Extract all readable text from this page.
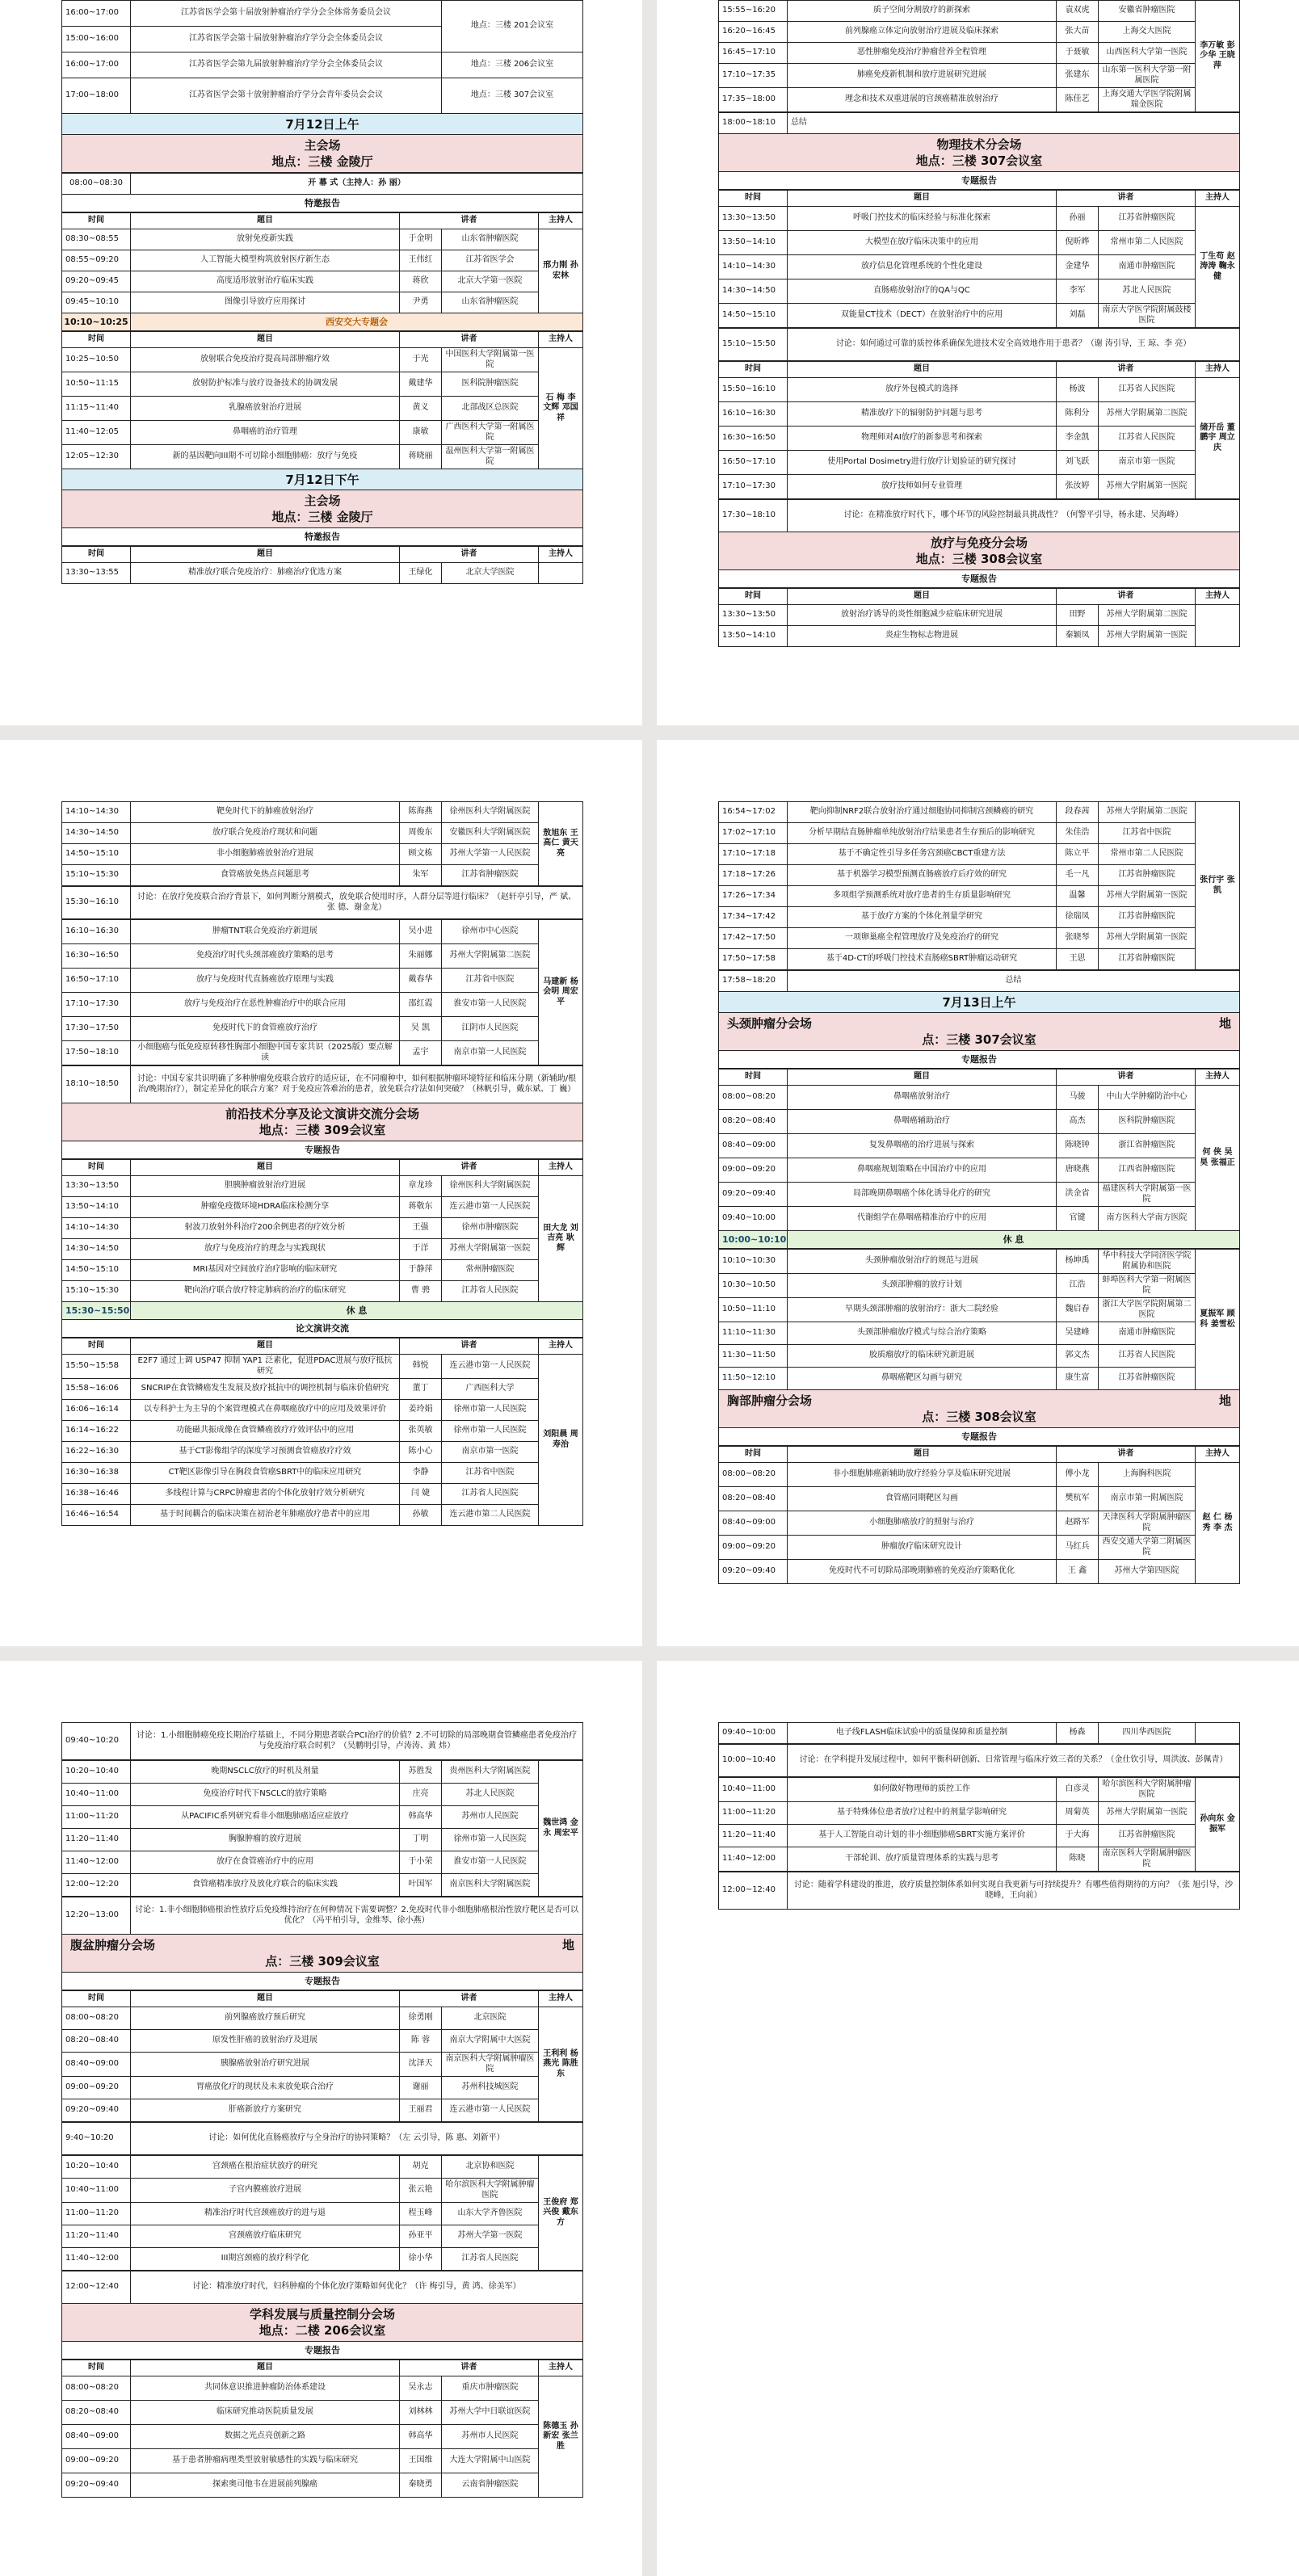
16:00~17:00	江苏省医学会第十届放射肿瘤治疗学分会全体常务委员会议	地点：三楼 201会议室
15:00~16:00	江苏省医学会第十届放射肿瘤治疗学分会全体委员会议	
16:00~17:00	江苏省医学会第九届放射肿瘤治疗学分会全体委员会议	地点：三楼 206会议室
17:00~18:00	江苏省医学会第十放射肿瘤治疗学分会青年委员会会议	地点：三楼 307会议室
7月12日上午
主会场
地点：三楼 金陵厅
08:00~08:30	开 幕 式（主持人：孙 丽）
特邀报告
时间	题目	讲者		主持人
08:30~08:55	放射免疫新实践	于金明	山东省肿瘤医院	邢力刚 孙宏林
08:55~09:20	人工智能大模型构筑放射医疗新生态	王伟红	江苏省医学会	
09:20~09:45	高度适形放射治疗临床实践	蒋欣	北京大学第一医院	
09:45~10:10	图像引导放疗应用探讨	尹勇	山东省肿瘤医院	
10:10~10:25	西安交大专题会
时间	题目	讲者		主持人
10:25~10:50	放射联合免疫治疗提高局部肿瘤疗效	于光	中国医科大学附属第一医院	石 梅 李文辉 邓国祥
10:50~11:15	放射防护标准与放疗设备技术的协调发展	戴建华	医科院肿瘤医院	
11:15~11:40	乳腺癌放射治疗进展	黄义	北部战区总医院	
11:40~12:05	鼻咽癌的治疗管理	康敏	广西医科大学第一附属医院	
12:05~12:30	新的基因靶向III期不可切除小细胞肺癌：放疗与免疫	蒋晓丽	温州医科大学第一附属医院	
7月12日下午
主会场
地点：三楼 金陵厅
特邀报告
时间	题目	讲者		主持人
13:30~13:55	精准放疗联合免疫治疗：肺癌治疗优选方案	王绿化	北京大学医院	
15:55~16:20	质子空间分割放疗的新探索	袁双虎	安徽省肿瘤医院	李万敏 彭少华 王晓萍
16:20~16:45	前列腺癌立体定向放射治疗进展及临床探索	张大苗	上海交大医院	
16:45~17:10	恶性肿瘤免疫治疗肿瘤营养全程管理	于聂敏	山西医科大学第一医院	
17:10~17:35	肺癌免疫新机制和放疗进展研究进展	张建东	山东第一医科大学第一附属医院	
17:35~18:00	理念和技术双重进展的宫颈癌精准放射治疗	陈佳艺	上海交通大学医学院附属瑞金医院	
18:00~18:10	总结
物理技术分会场
地点：三楼 307会议室
专题报告
时间	题目	讲者		主持人
13:30~13:50	呼吸门控技术的临床经验与标准化探索	孙丽	江苏省肿瘤医院	丁生苟 赵涛涛 鞠永健
13:50~14:10	大模型在放疗临床决策中的应用	倪昕晔	常州市第二人民医院	
14:10~14:30	放疗信息化管理系统的个性化建设	金建华	南通市肿瘤医院	
14:30~14:50	直肠癌放射治疗的QA与QC	李军	苏北人民医院	
14:50~15:10	双能量CT技术（DECT）在放射治疗中的应用	刘磊	南京大学医学院附属鼓楼医院	
15:10~15:50	讨论：如何通过可靠的质控体系确保先进技术安全高效地作用于患者？（谢 涛引导，王 琼、李 亮）
时间	题目	讲者		主持人
15:50~16:10	放疗外包模式的选择	杨波	江苏省人民医院	储开岳 董鹏宇 周立庆
16:10~16:30	精准放疗下的辐射防护问题与思考	陈利分	苏州大学附属第二医院	
16:30~16:50	物理师对AI放疗的新参思考和探索	李金凯	江苏省人民医院	
16:50~17:10	使用Portal Dosimetry进行放疗计划验证的研究探讨	刘飞跃	南京市第一医院	
17:10~17:30	放疗技师如何专业管理	张汝婷	苏州大学附属第一医院	
17:30~18:10	讨论：在精准放疗时代下，哪个环节的风险控制最具挑战性？（何警平引导，杨永建、吴海峰）
放疗与免疫分会场
地点：三楼 308会议室
专题报告
时间	题目	讲者		主持人
13:30~13:50	放射治疗诱导的炎性细胞减少症临床研究进展	田野	苏州大学附属第二医院	
13:50~14:10	炎症生物标志物进展	秦颖凤	苏州大学附属第一医院	
14:10~14:30	靶免时代下的肺癌放射治疗	陈海燕	徐州医科大学附属医院	敖旭东 王高仁 黄天亮
14:30~14:50	放疗联合免疫治疗现状和问题	周俊东	安徽医科大学附属医院	
14:50~15:10	非小细胞肺癌放射治疗进展	顾文栋	苏州大学第一人民医院	
15:10~15:30	食管癌放免热点问题思考	朱军	江苏省肿瘤医院	
15:30~16:10	讨论：在放疗免疫联合治疗背景下，如何判断分割模式，放免联合使用时序，人群分层等进行临床？（赵轩亭引导，严 斌、张 德、谢金龙）
16:10~16:30	肿瘤TNT联合免疫治疗新进展	吴小进	徐州市中心医院	马建新 杨会明 周宏平
16:30~16:50	免疫治疗时代头颈部癌放疗策略的思考	朱丽娜	苏州大学附属第二医院	
16:50~17:10	放疗与免疫时代直肠癌放疗原理与实践	戴春华	江苏省中医院	
17:10~17:30	放疗与免疫治疗在恶性肿瘤治疗中的联合应用	邵红霞	淮安市第一人民医院	
17:30~17:50	免疫时代下的食管癌放疗治疗	吴 凯	江阴市人民医院	
17:50~18:10	小细胞癌与低免疫原转移性胸部小细胞中国专家共识（2025版）要点解读	孟宇	南京市第一人民医院	
18:10~18:50	讨论：中国专家共识明确了多种肿瘤免疫联合放疗的适应证，在不同瘤种中，如何根据肿瘤环境特征和临床分期（新辅助/根治/晚期治疗），制定差异化的联合方案？对于免疫应答难治的患者，放免联合疗法如何突破？（林帆引导，戴东斌、丁 巍）
前沿技术分享及论文演讲交流分会场
地点：三楼 309会议室
专题报告
时间	题目	讲者		主持人
13:30~13:50	胆胰肿瘤放射治疗进展	章龙珍	徐州医科大学附属医院	田大龙 刘吉亮 耿 辉
13:50~14:10	肿瘤免疫微环境HDRA临床检测分享	蒋敬东	连云港市第一人民医院	
14:10~14:30	射波刀放射外科治疗200余例患者的疗效分析	王强	徐州市肿瘤医院	
14:30~14:50	放疗与免疫治疗的理念与实践现状	于洋	苏州大学附属第一医院	
14:50~15:10	MRI基因对空间放疗治疗影响的临床研究	于静萍	常州肿瘤医院	
15:10~15:30	靶向治疗联合放疗特定肺病的治疗的临床研究	曹 骋	江苏省人民医院	
15:30~15:50	休 息
论文演讲交流
时间	题目	讲者		主持人
15:50~15:58	E2F7 通过上调 USP47 抑制 YAP1 泛素化，促进PDAC进展与放疗抵抗研究	韩悦	连云港市第一人民医院	刘阳晨 周寿治
15:58~16:06	SNCRIP在食管鳞癌发生发展及放疗抵抗中的调控机制与临床价值研究	董丁	广西医科大学	
16:06~16:14	以专科护士为主导的个案管理模式在鼻咽癌放疗中的应用及效果评价	姜玲娟	徐州市第一人民医院	
16:14~16:22	功能磁共振成像在食管鳞癌放疗疗效评估中的应用	张英敏	徐州市第一人民医院	
16:22~16:30	基于CT影像组学的深度学习预测食管癌放疗疗效	陈小心	南京市第一医院	
16:30~16:38	CT靶区影像引导在胸段食管癌SBRT中的临床应用研究	李静	江苏省中医院	
16:38~16:46	多线程计算与CRPC肿瘤患者的个体化放射疗效分析研究	闫 婕	江苏省人民医院	
16:46~16:54	基于时间耦合的临床决策在初治老年肺癌放疗患者中的应用	孙敏	连云港市第二人民医院	
16:54~17:02	靶向抑制NRF2联合放射治疗通过细胞协同抑制宫颈鳞癌的研究	段春茜	苏州大学附属第二医院	张行宇 张 凯
17:02~17:10	分析早期结直肠肿瘤单纯放射治疗结果患者生存预后的影响研究	朱佳浩	江苏省中医院	
17:10~17:18	基于不确定性引导多任务宫颈癌CBCT重建方法	陈立平	常州市第二人民医院	
17:18~17:26	基于机器学习模型预测直肠癌放疗后疗效的研究	毛一凡	江苏省肿瘤医院	
17:26~17:34	多项组学预测系统对放疗患者的生存质量影响研究	温馨	苏州大学附属第一医院	
17:34~17:42	基于放疗方案的个体化剂量学研究	徐瑞凤	江苏省肿瘤医院	
17:42~17:50	一项卵巢癌全程管理放疗及免疫治疗的研究	张晓琴	苏州大学附属第一医院	
17:50~17:58	基于4D-CT的呼吸门控技术直肠癌SBRT肿瘤运动研究	王思	江苏省肿瘤医院	
17:58~18:20	总结
7月13日上午
头颈肿瘤分会场	地
点：三楼 307会议室
专题报告
时间	题目	讲者		主持人
08:00~08:20	鼻咽癌放射治疗	马骏	中山大学肿瘤防治中心	何 侠 吴 昊 张福正
08:20~08:40	鼻咽癌辅助治疗	高杰	医科院肿瘤医院	
08:40~09:00	复发鼻咽癌的治疗进展与探索	陈晓钟	浙江省肿瘤医院	
09:00~09:20	鼻咽癌规划策略在中国治疗中的应用	唐晓燕	江西省肿瘤医院	
09:20~09:40	局部晚期鼻咽癌个体化诱导化疗的研究	洪金省	福建医科大学附属第一医院	
09:40~10:00	代谢组学在鼻咽癌精准治疗中的应用	官键	南方医科大学南方医院	
10:00~10:10	休 息
10:10~10:30	头颈肿瘤放射治疗的规范与进展	杨坤禹	华中科技大学同济医学院附属协和医院	夏振军 顾 科 姜雪松
10:30~10:50	头颈部肿瘤的放疗计划	江浩	蚌埠医科大学第一附属医院	
10:50~11:10	早期头颈部肿瘤的放射治疗：浙大二院经验	魏启春	浙江大学医学院附属第二医院	
11:10~11:30	头颈部肿瘤放疗模式与综合治疗策略	吴建峰	南通市肿瘤医院	
11:30~11:50	胶质瘤放疗的临床研究新进展	郭文杰	江苏省人民医院	
11:50~12:10	鼻咽癌靶区勾画与研究	康生富	江苏省肿瘤医院	
胸部肿瘤分会场	地
点：三楼 308会议室
专题报告
时间	题目	讲者		主持人
08:00~08:20	非小细胞肺癌新辅助放疗经验分享及临床研究进展	傅小龙	上海胸科医院	赵 仁 杨 秀 李 杰
08:20~08:40	食管癌同期靶区勾画	樊杭军	南京市第一附属医院	
08:40~09:00	小细胞肺癌放疗的照射与治疗	赵路军	天津医科大学附属肿瘤医院	
09:00~09:20	肿瘤放疗临床研究设计	马红兵	西安交通大学第二附属医院	
09:20~09:40	免疫时代不可切除局部晚期肺癌的免疫治疗策略优化	王 鑫	苏州大学第四医院	
09:40~10:20	讨论：1.小细胞肺癌免疫长期治疗基础上，不同分期患者联合PCI治疗的价值？2.不可切除的局部晚期食管鳞癌患者免疫治疗与免疫治疗联合时机？（吴鹏明引导，卢涛涛、黄 炜）
10:20~10:40	晚期NSCLC放疗的时机及剂量	苏胜发	贵州医科大学附属医院	魏世鸿 金 永 周宏平
10:40~11:00	免疫治疗时代下NSCLC的放疗策略	庄亮	苏北人民医院	
11:00~11:20	从PACIFIC系列研究看非小细胞肺癌适应症放疗	韩高华	苏州市人民医院	
11:20~11:40	胸腺肿瘤的放疗进展	丁明	徐州市第一人民医院	
11:40~12:00	放疗在食管癌治疗中的应用	于小荣	淮安市第一人民医院	
12:00~12:20	食管癌精准放疗及放化疗联合的临床实践	叶国军	南京医科大学附属医院	
12:20~13:00	讨论：1.非小细胞肺癌根治性放疗后免疫维持治疗在何种情况下需要调整？2.免疫时代非小细胞肺癌根治性放疗靶区是否可以优化？（冯平柏引导，金维琴、徐小燕）
腹盆肿瘤分会场	地
点：三楼 309会议室
专题报告
时间	题目	讲者		主持人
08:00~08:20	前列腺癌放疗预后研究	徐勇刚	北京医院	王利利 杨燕光 陈胜东
08:20~08:40	原发性肝癌的放射治疗及进展	陈 蓉	南京大学附属中大医院	
08:40~09:00	胰腺癌放射治疗研究进展	沈泽天	南京医科大学附属肿瘤医院	
09:00~09:20	胃癌放化疗的现状及未来放免联合治疗	谢丽	苏州科技城医院	
09:20~09:40	肝癌新放疗方案研究	王丽君	连云港市第一人民医院	
9:40~10:20	讨论：如何优化直肠癌放疗与全身治疗的协同策略？（左 云引导，陈 惠、刘新平）
10:20~10:40	宫颈癌在根治症状放疗的研究	胡克	北京协和医院	王俊府 郑兴俊 戴东方
10:40~11:00	子宫内膜癌放疗进展	张云艳	哈尔滨医科大学附属肿瘤医院	
11:00~11:20	精准治疗时代宫颈癌放疗的进与退	程玉峰	山东大学齐鲁医院	
11:20~11:40	宫颈癌放疗临床研究	孙亚平	苏州大学第一医院	
11:40~12:00	III期宫颈癌的放疗科学化	徐小华	江苏省人民医院	
12:00~12:40	讨论：精准放疗时代，妇科肿瘤的个体化放疗策略如何优化？（许 梅引导，黄 鸿、徐美军）
学科发展与质量控制分会场
地点：二楼 206会议室
专题报告
时间	题目	讲者		主持人
08:00~08:20	共同体意识推进肿瘤防治体系建设	吴永志	重庆市肿瘤医院	陈德玉 孙新宏 张兰胜
08:20~08:40	临床研究推动医院质量发展	刘林林	苏州大学中日联谊医院	
08:40~09:00	数据之光点亮创新之路	韩高华	苏州市人民医院	
09:00~09:20	基于患者肿瘤病理类型放射敏感性的实践与临床研究	王国维	大连大学附属中山医院	
09:20~09:40	探索奥司他韦在进展前列腺癌	秦晓勇	云南省肿瘤医院	
09:40~10:00	电子线FLASH临床试验中的质量保障和质量控制	杨森	四川华西医院	
10:00~10:40	讨论：在学科提升发展过程中，如何平衡科研创新、日常管理与临床疗效三者的关系？（金仕钦引导，周洪波、彭佩青）
10:40~11:00	如何做好物理师的质控工作	白彦灵	哈尔滨医科大学附属肿瘤医院	孙向东 金振军
11:00~11:20	基于特殊体位患者放疗过程中的剂量学影响研究	周菊英	苏州大学附属第一医院	
11:20~11:40	基于人工智能自动计划的非小细胞肺癌SBRT实施方案评价	于大海	江苏省肿瘤医院	
11:40~12:00	干部轮训、放疗质量管理体系的实践与思考	陈晓	南京医科大学附属肿瘤医院	
12:00~12:40	讨论：随着学科建设的推进，放疗质量控制体系如何实现自我更新与可持续提升？有哪些值得期待的方向？（张 旭引导，沙晓峰，王向前）
